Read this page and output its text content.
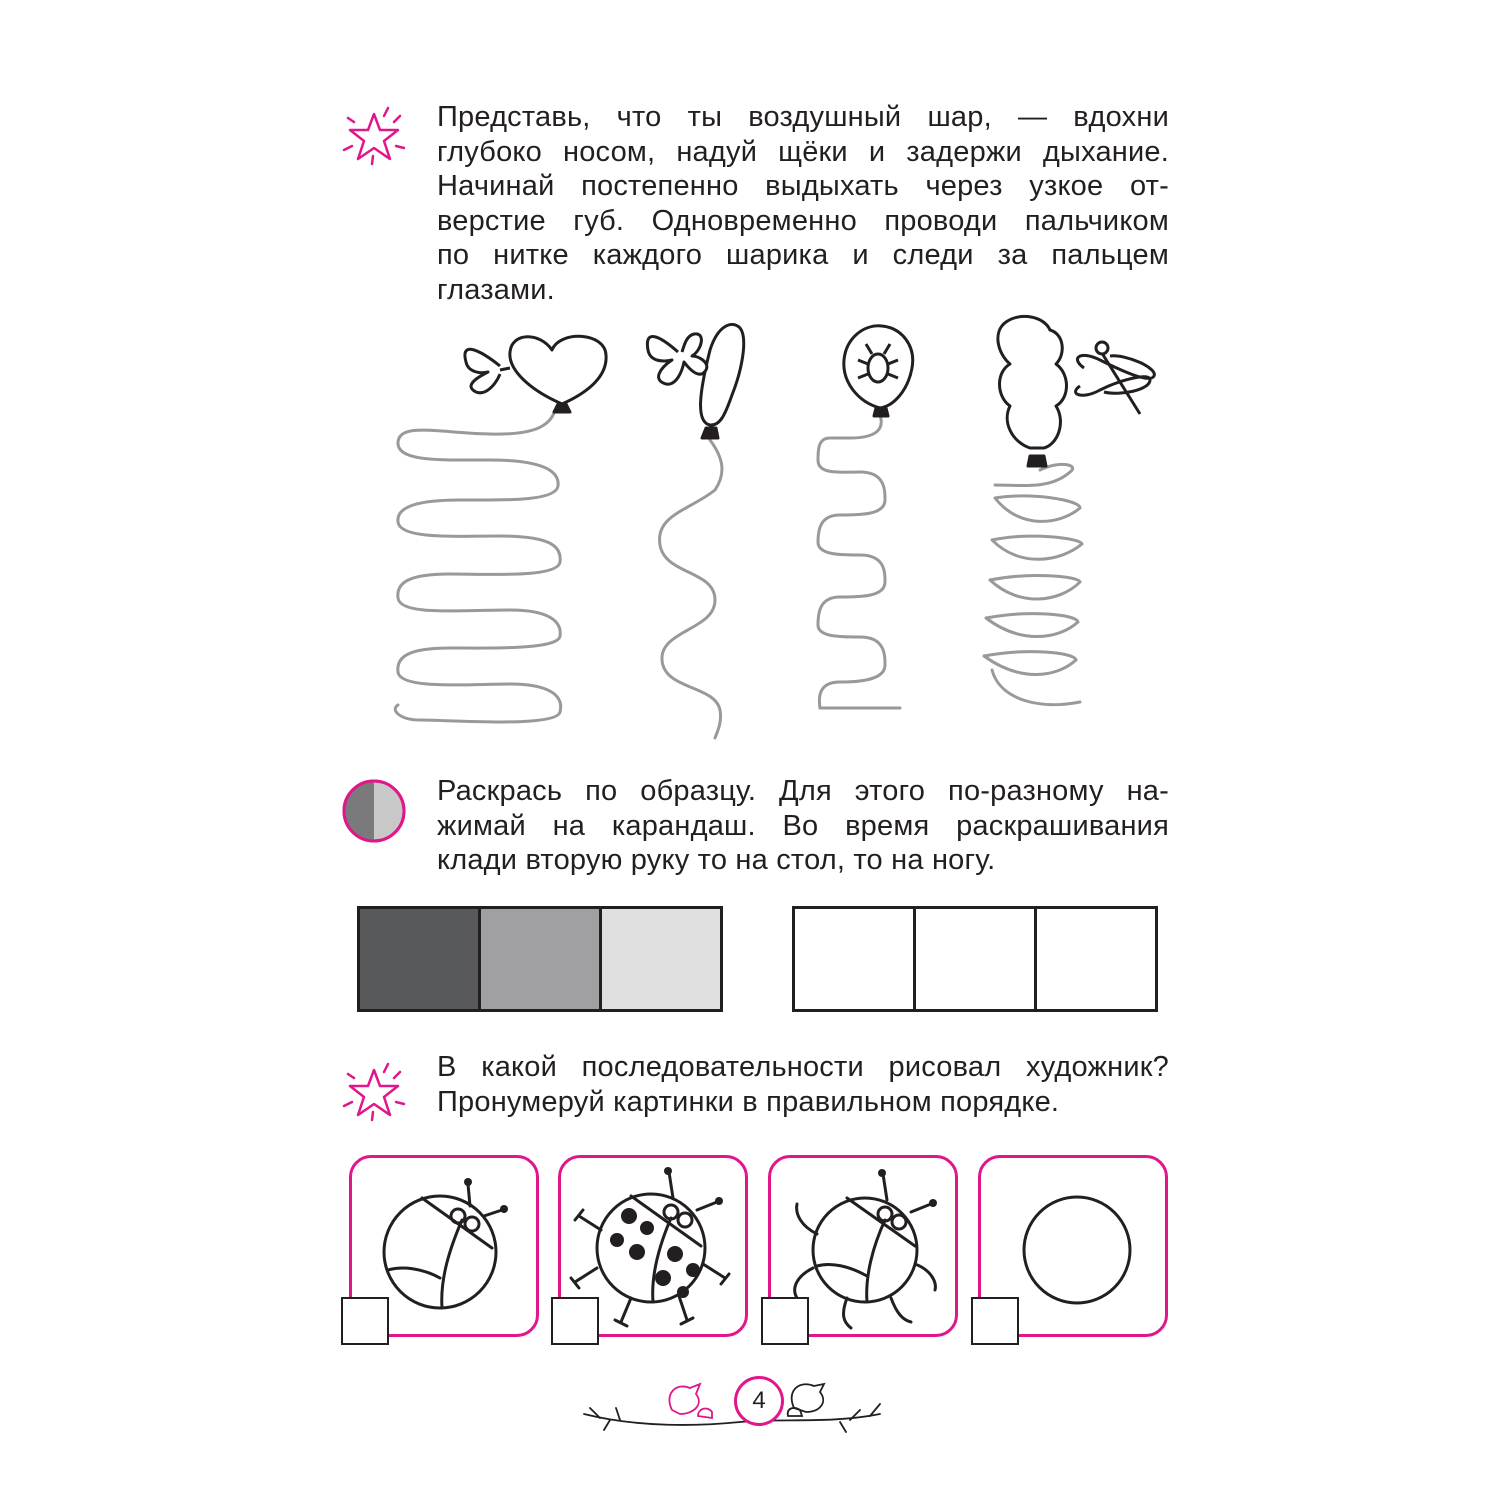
Представь, что ты воздушный шар, — вдохни
глубоко носом, надуй щёки и задержи дыхание.
Начинай постепенно выдыхать через узкое от-
верстие губ. Одновременно проводи пальчиком
по нитке каждого шарика и следи за пальцем
глазами.
Раскрась по образцу. Для этого по-разному на-
жимай на карандаш. Во время раскрашивания
клади вторую руку то на стол, то на ногу.
В какой последовательности рисовал художник?
Пронумеруй картинки в правильном порядке.
4
